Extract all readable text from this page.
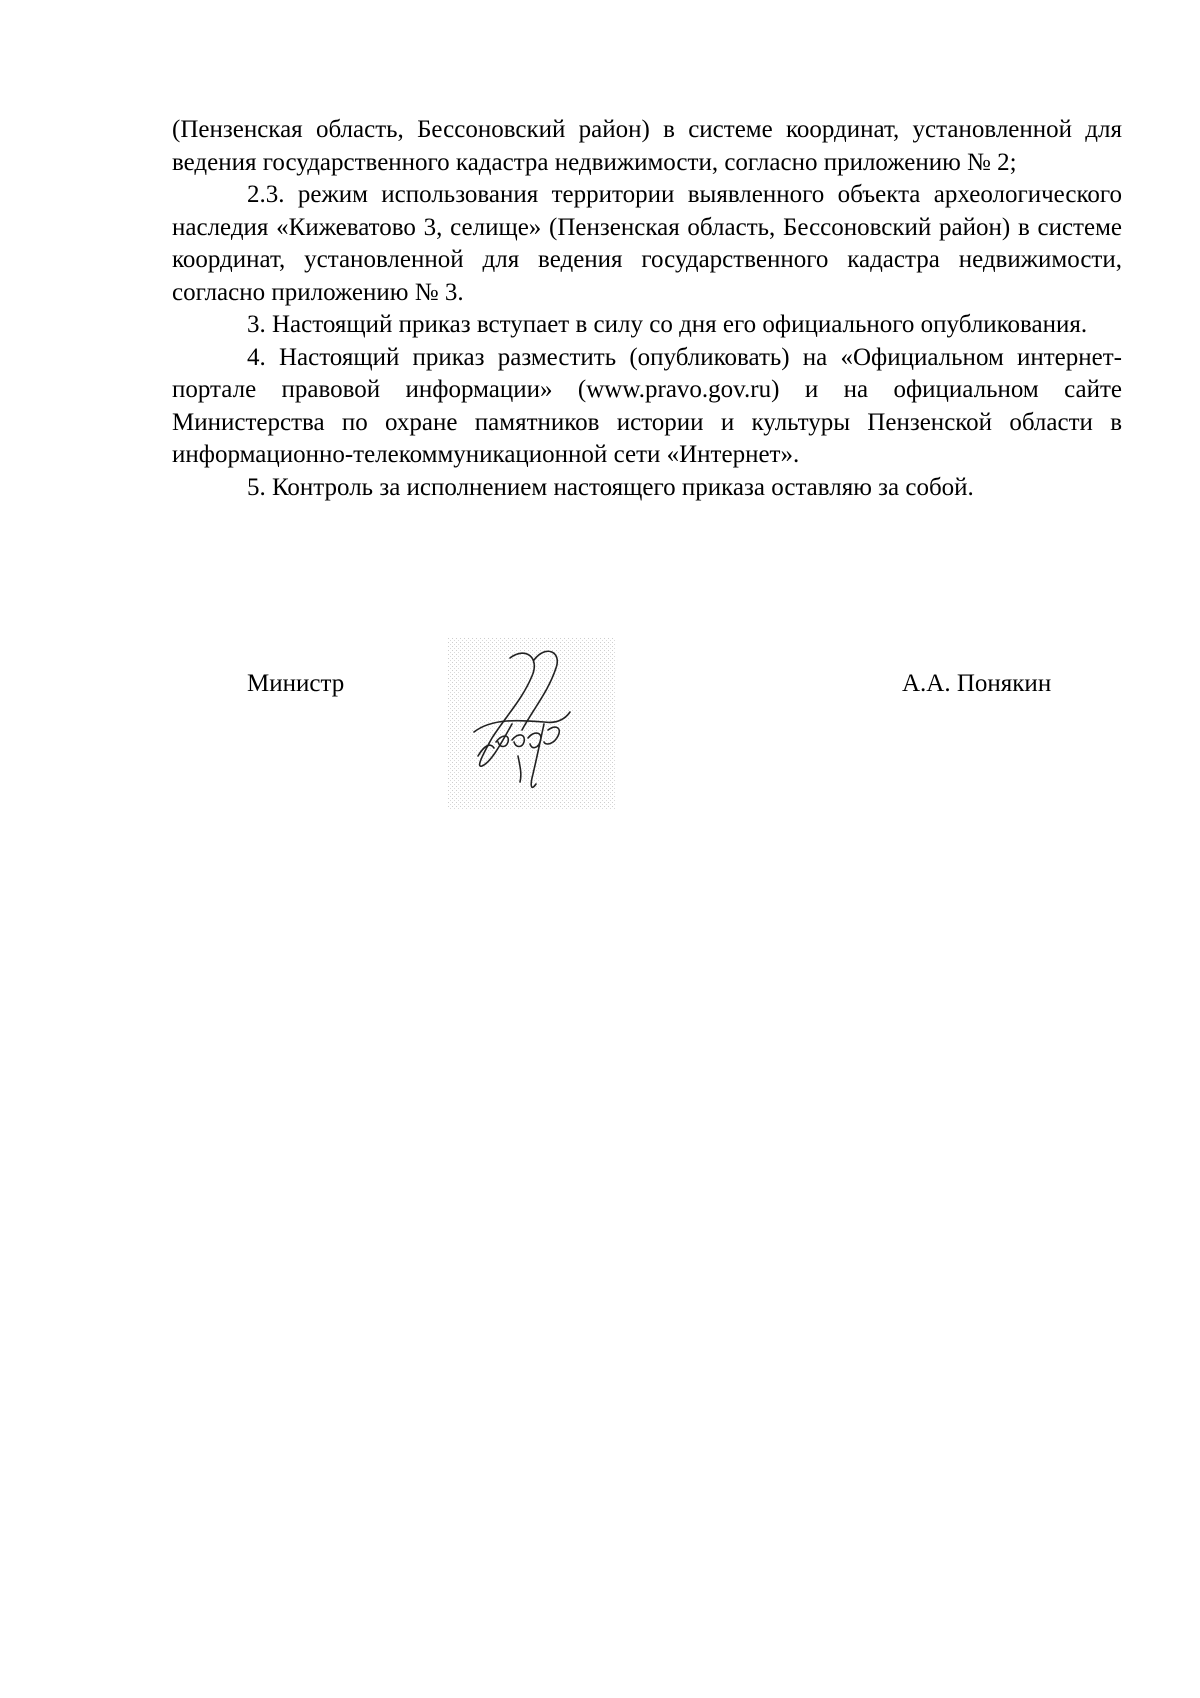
(Пензенская область, Бессоновский район) в системе координат, установленной для ведения государственного кадастра недвижимости, согласно приложению № 2;

2.3. режим использования территории выявленного объекта археологического наследия «Кижеватово 3, селище» (Пензенская область, Бессоновский район) в системе координат, установленной для ведения государственного кадастра недвижимости, согласно приложению № 3.

3. Настоящий приказ вступает в силу со дня его официального опубликования.

4. Настоящий приказ разместить (опубликовать) на «Официальном интернет-портале правовой информации» (www.pravo.gov.ru) и на официальном сайте Министерства по охране памятников истории и культуры Пензенской области в информационно-телекоммуникационной сети «Интернет».

5. Контроль за исполнением настоящего приказа оставляю за собой.

Министр	А.А. Понякин
